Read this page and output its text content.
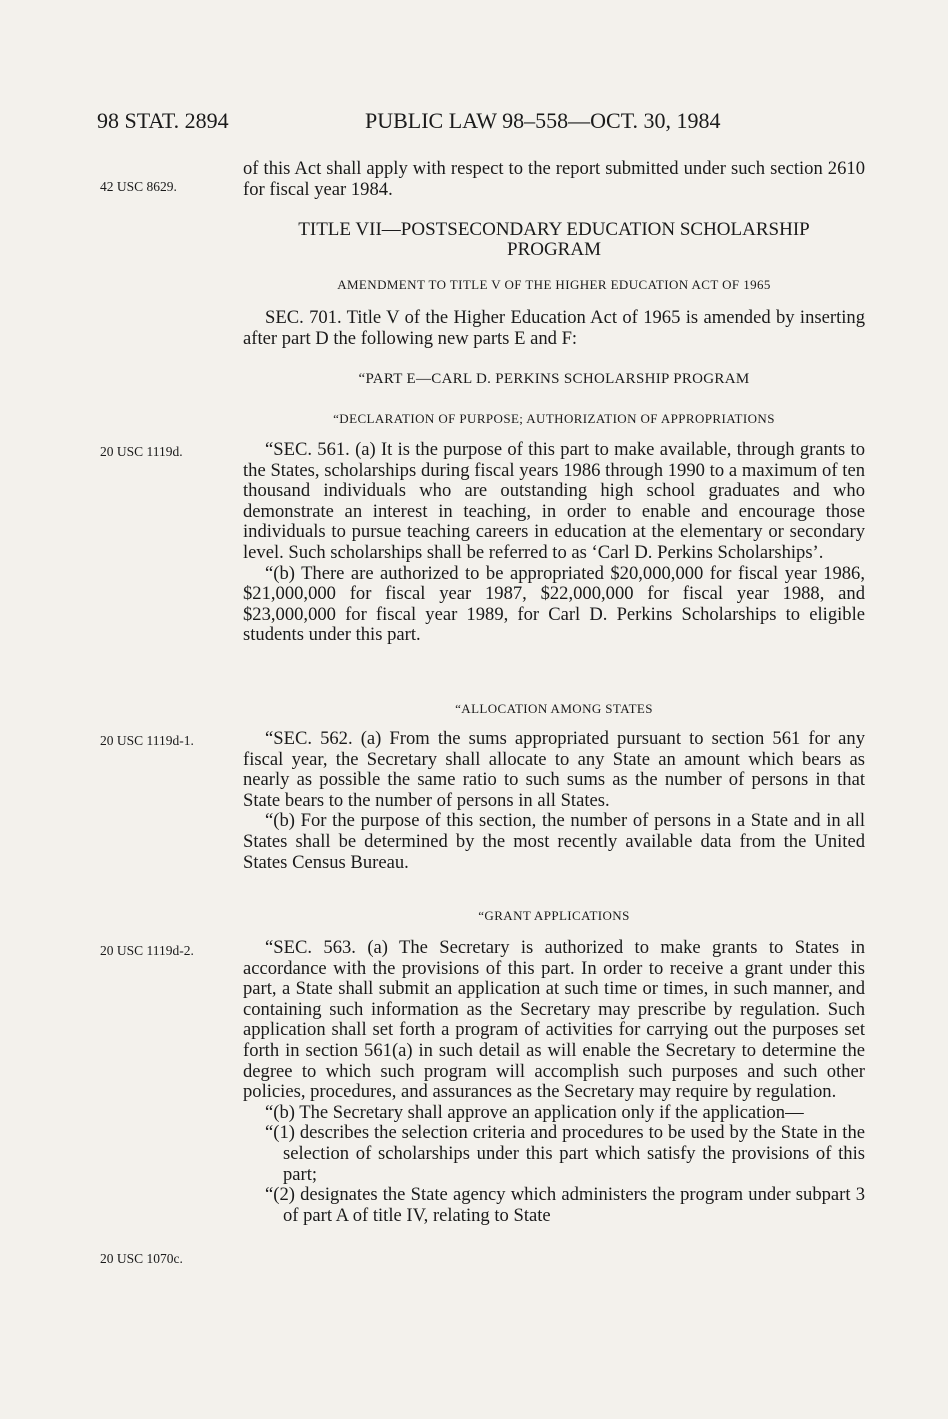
98 STAT. 2894	PUBLIC LAW 98–558—OCT. 30, 1984
42 USC 8629.
20 USC 1119d.
20 USC 1119d-1.
20 USC 1119d-2.
20 USC 1070c.

of this Act shall apply with respect to the report submitted under such section 2610 for fiscal year 1984.

TITLE VII—POSTSECONDARY EDUCATION SCHOLARSHIP PROGRAM

AMENDMENT TO TITLE V OF THE HIGHER EDUCATION ACT OF 1965

SEC. 701. Title V of the Higher Education Act of 1965 is amended by inserting after part D the following new parts E and F:

“PART E—CARL D. PERKINS SCHOLARSHIP PROGRAM

“DECLARATION OF PURPOSE; AUTHORIZATION OF APPROPRIATIONS

“SEC. 561. (a) It is the purpose of this part to make available, through grants to the States, scholarships during fiscal years 1986 through 1990 to a maximum of ten thousand individuals who are outstanding high school graduates and who demonstrate an interest in teaching, in order to enable and encourage those individuals to pursue teaching careers in education at the elementary or secondary level. Such scholarships shall be referred to as ‘Carl D. Perkins Scholarships’.

“(b) There are authorized to be appropriated $20,000,000 for fiscal year 1986, $21,000,000 for fiscal year 1987, $22,000,000 for fiscal year 1988, and $23,000,000 for fiscal year 1989, for Carl D. Perkins Scholarships to eligible students under this part.

“ALLOCATION AMONG STATES

“SEC. 562. (a) From the sums appropriated pursuant to section 561 for any fiscal year, the Secretary shall allocate to any State an amount which bears as nearly as possible the same ratio to such sums as the number of persons in that State bears to the number of persons in all States.

“(b) For the purpose of this section, the number of persons in a State and in all States shall be determined by the most recently available data from the United States Census Bureau.

“GRANT APPLICATIONS

“SEC. 563. (a) The Secretary is authorized to make grants to States in accordance with the provisions of this part. In order to receive a grant under this part, a State shall submit an application at such time or times, in such manner, and containing such information as the Secretary may prescribe by regulation. Such application shall set forth a program of activities for carrying out the purposes set forth in section 561(a) in such detail as will enable the Secretary to determine the degree to which such program will accomplish such purposes and such other policies, procedures, and assurances as the Secretary may require by regulation.

“(b) The Secretary shall approve an application only if the application—

“(1) describes the selection criteria and procedures to be used by the State in the selection of scholarships under this part which satisfy the provisions of this part;

“(2) designates the State agency which administers the program under subpart 3 of part A of title IV, relating to State
